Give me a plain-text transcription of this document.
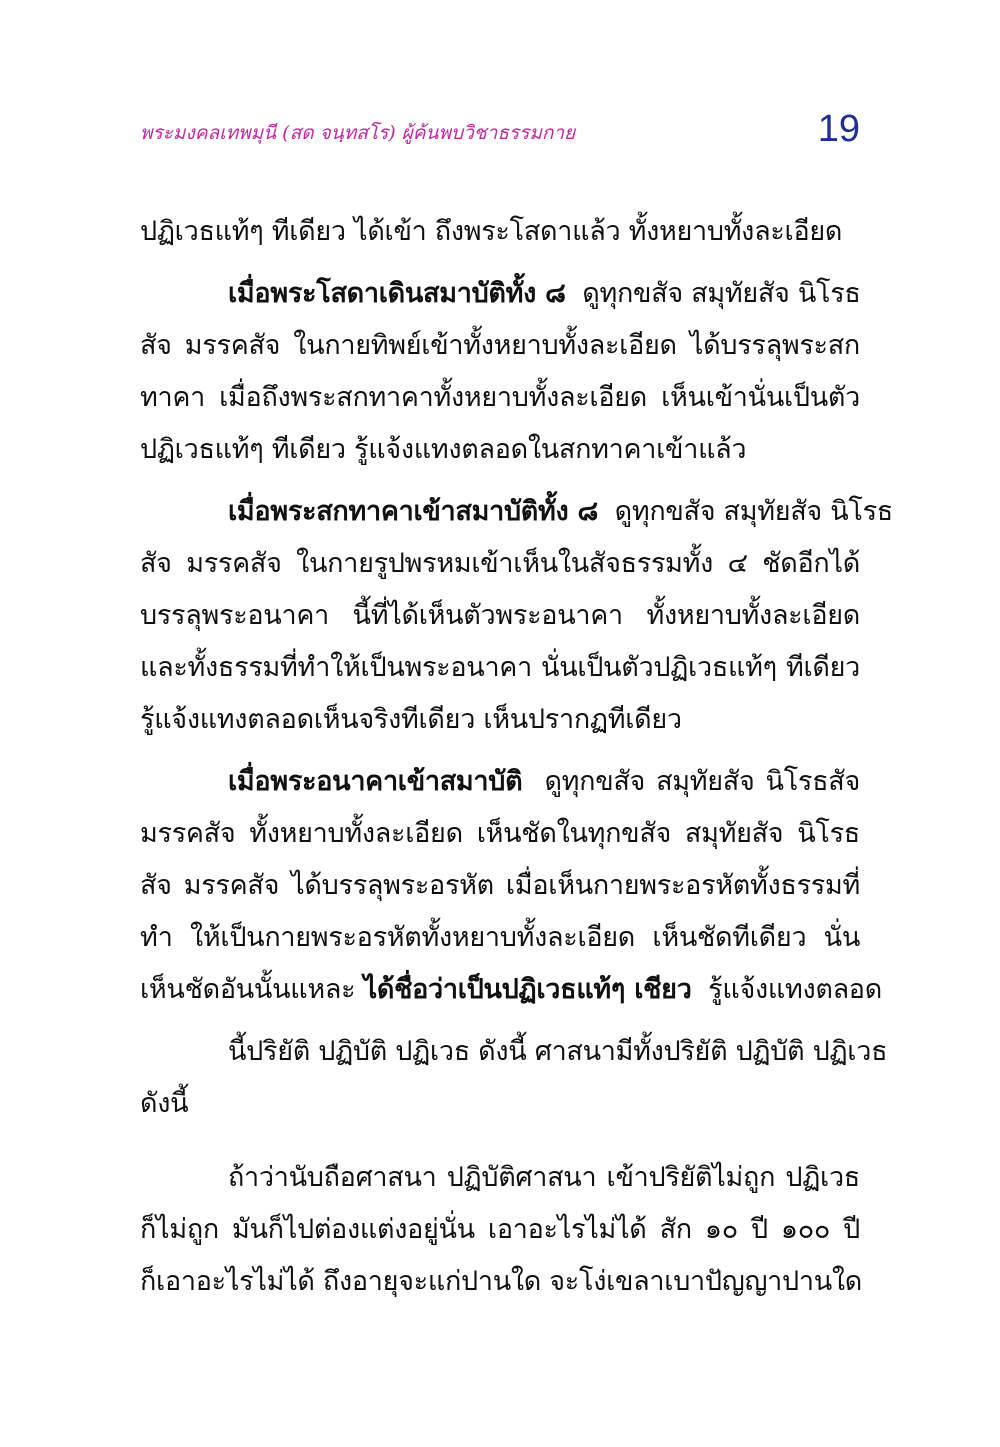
พระมงคลเทพมุนี (สด จนฺทสโร) ผู้ค้นพบวิชาธรรมกาย	19

ปฏิเวธแท้ๆ ทีเดียว ได้เข้า ถึงพระโสดาแล้ว ทั้งหยาบทั้งละเอียด

เมื่อพระโสดาเดินสมาบัติทั้ง ๘ ดูทุกขสัจ สมุทัยสัจ นิโรธ
สัจ มรรคสัจ ในกายทิพย์เข้าทั้งหยาบทั้งละเอียด ได้บรรลุพระสก
ทาคา เมื่อถึงพระสกทาคาทั้งหยาบทั้งละเอียด เห็นเข้านั่นเป็นตัว
ปฏิเวธแท้ๆ ทีเดียว รู้แจ้งแทงตลอดในสกทาคาเข้าแล้ว

เมื่อพระสกทาคาเข้าสมาบัติทั้ง ๘ ดูทุกขสัจ สมุทัยสัจ นิโรธ
สัจ มรรคสัจ ในกายรูปพรหมเข้าเห็นในสัจธรรมทั้ง ๔ ชัดอีกได้
บรรลุพระอนาคา นี้ที่ได้เห็นตัวพระอนาคา ทั้งหยาบทั้งละเอียด
และทั้งธรรมที่ทำให้เป็นพระอนาคา นั่นเป็นตัวปฏิเวธแท้ๆ ทีเดียว
รู้แจ้งแทงตลอดเห็นจริงทีเดียว เห็นปรากฏทีเดียว

เมื่อพระอนาคาเข้าสมาบัติ ดูทุกขสัจ สมุทัยสัจ นิโรธสัจ
มรรคสัจ ทั้งหยาบทั้งละเอียด เห็นชัดในทุกขสัจ สมุทัยสัจ นิโรธ
สัจ มรรคสัจ ได้บรรลุพระอรหัต เมื่อเห็นกายพระอรหัตทั้งธรรมที่
ทำ ให้เป็นกายพระอรหัตทั้งหยาบทั้งละเอียด เห็นชัดทีเดียว นั่น
เห็นชัดอันนั้นแหละ ได้ชื่อว่าเป็นปฏิเวธแท้ๆ เชียว รู้แจ้งแทงตลอด

นี้ปริยัติ ปฏิบัติ ปฏิเวธ ดังนี้ ศาสนามีทั้งปริยัติ ปฏิบัติ ปฏิเวธ
ดังนี้

ถ้าว่านับถือศาสนา ปฏิบัติศาสนา เข้าปริยัติไม่ถูก ปฏิเวธ
ก็ไม่ถูก มันก็ไปต่องแต่งอยู่นั่น เอาอะไรไม่ได้ สัก ๑๐ ปี ๑๐๐ ปี
ก็เอาอะไรไม่ได้ ถึงอายุจะแก่ปานใด จะโง่เขลาเบาปัญญาปานใด
